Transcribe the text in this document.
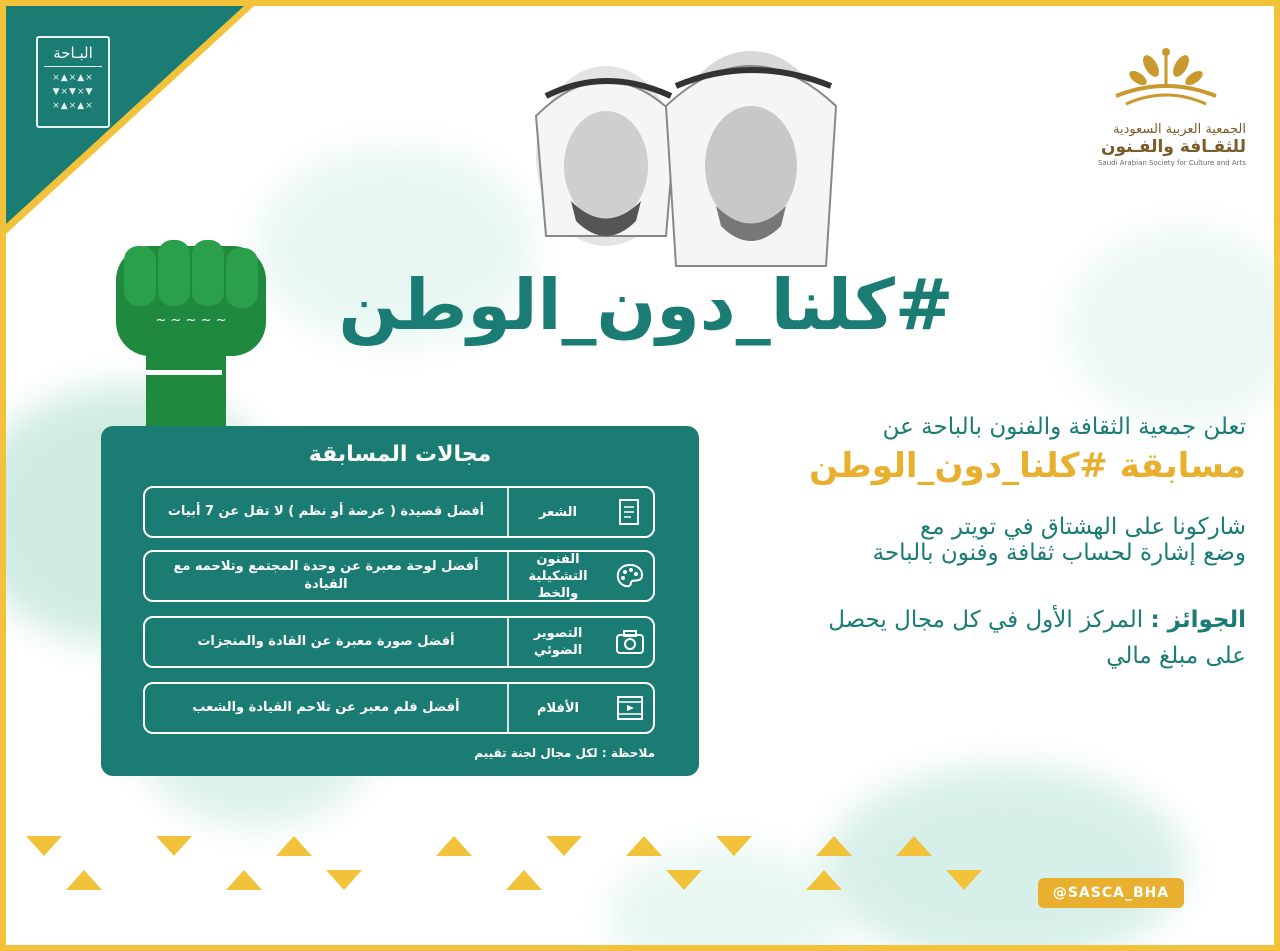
البـاحة
⨯▲⨯▲⨯
▼⨯▼⨯▼
⨯▲⨯▲⨯
الجمعية العربية السعودية
للثقـافة والفـنون
Saudi Arabian Society for Culture and Arts
~ ~ ~ ~ ~ #كلنا_دون_الوطن
تعلن جمعية الثقافة والفنون بالباحة عن
مسابقة #كلنا_دون_الوطن
شاركونا على الهشتاق في تويتر مع
وضع إشارة لحساب ثقافة وفنون بالباحة
الجوائز : المركز الأول في كل مجال يحصل
على مبلغ مالي
مجالات المسابقة
الشعر
أفضل قصيدة ( عرضة أو نظم ) لا تقل عن 7 أبيات
الفنون التشكيلية والخط
أفضل لوحة معبرة عن وحدة المجتمع وتلاحمه مع القيادة
التصوير الضوئي
أفضل صورة معبرة عن القادة والمنجزات
الأفلام
أفضل فلم معبر عن تلاحم القيادة والشعب
ملاحظة : لكل مجال لجنة تقييم
@SASCA_BHA
